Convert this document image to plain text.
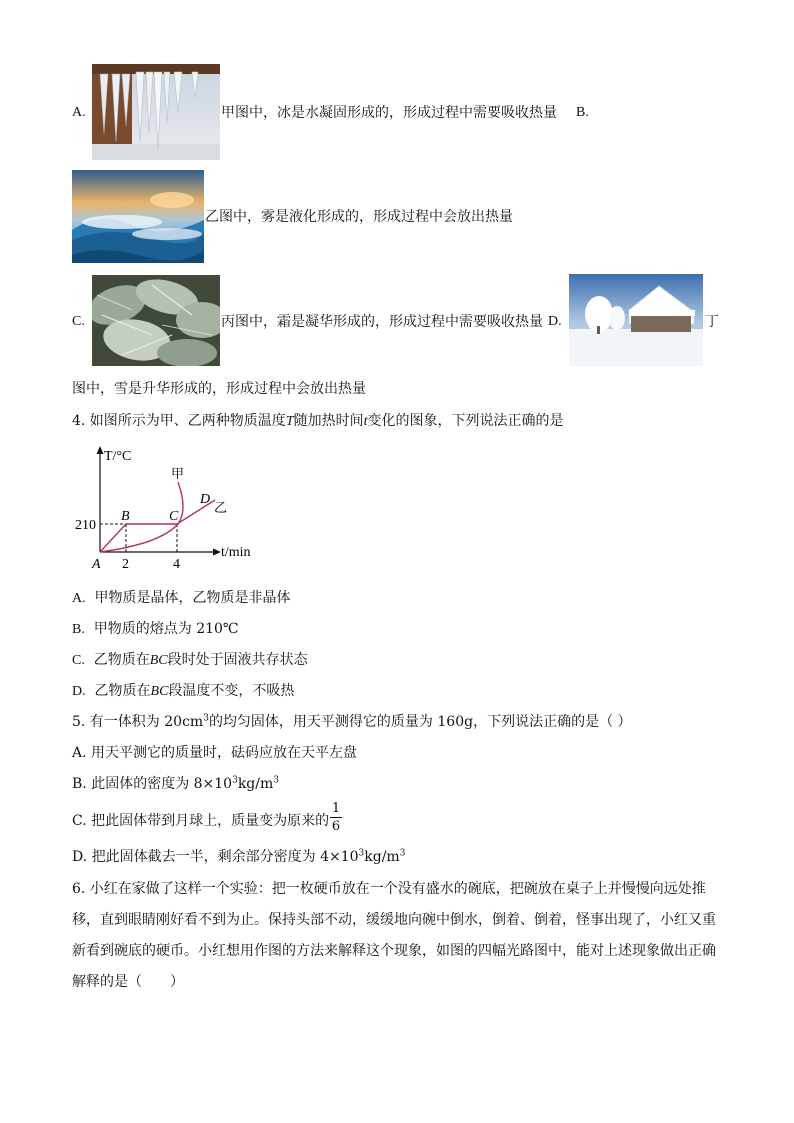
A.	甲图中，冰是水凝固形成的，形成过程中需要吸收热量 B.
乙图中，雾是液化形成的，形成过程中会放出热量
C.	丙图中，霜是凝华形成的，形成过程中需要吸收热量 D.	丁
图中，雪是升华形成的，形成过程中会放出热量
4. 如图所示为甲、乙两种物质温度T随加热时间t变化的图象，下列说法正确的是
T/°C
t/min
210
2	4
A
B	C
D
甲
乙
A. 甲物质是晶体，乙物质是非晶体
B. 甲物质的熔点为 210℃
C. 乙物质在BC段时处于固液共存状态
D. 乙物质在BC段温度不变，不吸热
5. 有一体积为 $20cm^3$的均匀固体，用天平测得它的质量为 160g，下列说法正确的是（ ）
A. 用天平测它的质量时，砝码应放在天平左盘
B. 此固体的密度为 $8\times 10^3kg/m^3$
C. 把此固体带到月球上，质量变为原来的
1
6
D. 把此固体截去一半，剩余部分密度为 $4\times 10^3kg/m^3$
6. 小红在家做了这样一个实验：把一枚硬币放在一个没有盛水的碗底，把碗放在桌子上并慢慢向远处推
移，直到眼睛刚好看不到为止。保持头部不动，缓缓地向碗中倒水，倒着、倒着，怪事出现了，小红又重
新看到碗底的硬币。小红想用作图的方法来解释这个现象，如图的四幅光路图中，能对上述现象做出正确
解释的是（　　）
